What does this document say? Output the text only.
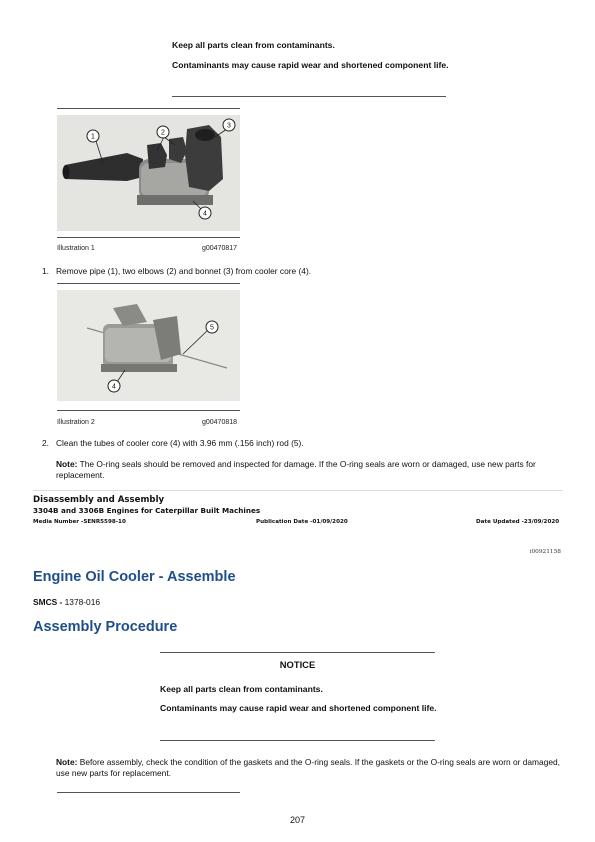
Keep all parts clean from contaminants.
Contaminants may cause rapid wear and shortened component life.
1
2
3
4
Illustration 1	g00470817
1. Remove pipe (1), two elbows (2) and bonnet (3) from cooler core (4).
5
4
Illustration 2	g00470818
2. Clean the tubes of cooler core (4) with 3.96 mm (.156 inch) rod (5).
Note: The O-ring seals should be removed and inspected for damage. If the O-ring seals are worn or damaged, use new parts for replacement.
Disassembly and Assembly
3304B and 3306B Engines for Caterpillar Built Machines
Media Number -SENR5598-10	Publication Date -01/09/2020	Date Updated -23/09/2020
i00921158
Engine Oil Cooler - Assemble
SMCS - 1378-016
Assembly Procedure
NOTICE
Keep all parts clean from contaminants.
Contaminants may cause rapid wear and shortened component life.
Note: Before assembly, check the condition of the gaskets and the O-ring seals. If the gaskets or the O-ring seals are worn or damaged, use new parts for replacement.
207
